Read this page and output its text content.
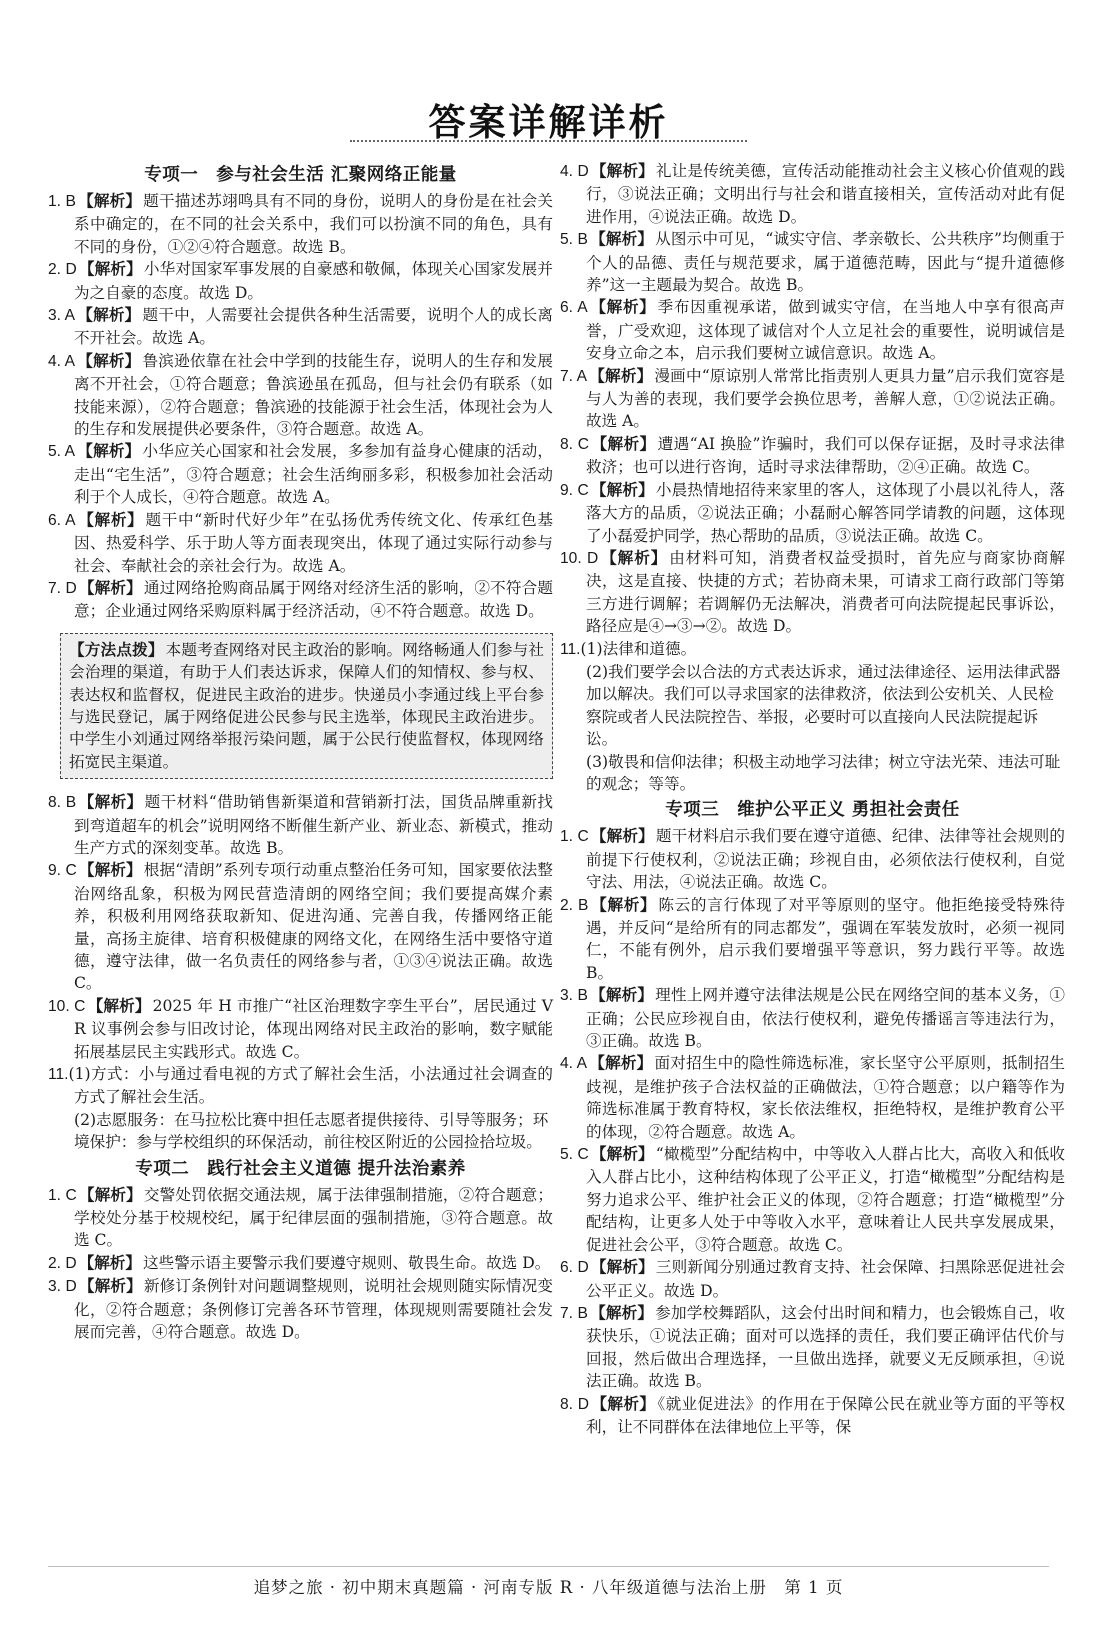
答案详解详析
专项一　参与社会生活 汇聚网络正能量
1. B 【解析】 题干描述苏翊鸣具有不同的身份，说明人的身份是在社会关系中确定的，在不同的社会关系中，我们可以扮演不同的角色，具有不同的身份，①②④符合题意。故选 B。
2. D 【解析】 小华对国家军事发展的自豪感和敬佩，体现关心国家发展并为之自豪的态度。故选 D。
3. A 【解析】 题干中，人需要社会提供各种生活需要，说明个人的成长离不开社会。故选 A。
4. A 【解析】 鲁滨逊依靠在社会中学到的技能生存，说明人的生存和发展离不开社会，①符合题意；鲁滨逊虽在孤岛，但与社会仍有联系（如技能来源），②符合题意；鲁滨逊的技能源于社会生活，体现社会为人的生存和发展提供必要条件，③符合题意。故选 A。
5. A 【解析】 小华应关心国家和社会发展，多参加有益身心健康的活动，走出“宅生活”，③符合题意；社会生活绚丽多彩，积极参加社会活动利于个人成长，④符合题意。故选 A。
6. A 【解析】 题干中“新时代好少年”在弘扬优秀传统文化、传承红色基因、热爱科学、乐于助人等方面表现突出，体现了通过实际行动参与社会、奉献社会的亲社会行为。故选 A。
7. D 【解析】 通过网络抢购商品属于网络对经济生活的影响，②不符合题意；企业通过网络采购原料属于经济活动，④不符合题意。故选 D。
【方法点拨】 本题考查网络对民主政治的影响。网络畅通人们参与社会治理的渠道，有助于人们表达诉求，保障人们的知情权、参与权、表达权和监督权，促进民主政治的进步。快递员小李通过线上平台参与选民登记，属于网络促进公民参与民主选举，体现民主政治进步。中学生小刘通过网络举报污染问题，属于公民行使监督权，体现网络拓宽民主渠道。
8. B 【解析】 题干材料“借助销售新渠道和营销新打法，国货品牌重新找到弯道超车的机会”说明网络不断催生新产业、新业态、新模式，推动生产方式的深刻变革。故选 B。
9. C 【解析】 根据“清朗”系列专项行动重点整治任务可知，国家要依法整治网络乱象，积极为网民营造清朗的网络空间；我们要提高媒介素养，积极利用网络获取新知、促进沟通、完善自我，传播网络正能量，高扬主旋律、培育积极健康的网络文化，在网络生活中要恪守道德，遵守法律，做一名负责任的网络参与者，①③④说法正确。故选 C。
10. C 【解析】 2025 年 H 市推广“社区治理数字孪生平台”，居民通过 VR 议事例会参与旧改讨论，体现出网络对民主政治的影响，数字赋能拓展基层民主实践形式。故选 C。
11.(1)方式：小与通过看电视的方式了解社会生活，小法通过社会调查的方式了解社会生活。
(2)志愿服务：在马拉松比赛中担任志愿者提供接待、引导等服务；环境保护：参与学校组织的环保活动，前往校区附近的公园捡拾垃圾。
专项二　践行社会主义道德 提升法治素养
1. C 【解析】 交警处罚依据交通法规，属于法律强制措施，②符合题意；学校处分基于校规校纪，属于纪律层面的强制措施，③符合题意。故选 C。
2. D 【解析】 这些警示语主要警示我们要遵守规则、敬畏生命。故选 D。
3. D 【解析】 新修订条例针对问题调整规则，说明社会规则随实际情况变化，②符合题意；条例修订完善各环节管理，体现规则需要随社会发展而完善，④符合题意。故选 D。
4. D 【解析】 礼让是传统美德，宣传活动能推动社会主义核心价值观的践行，③说法正确；文明出行与社会和谐直接相关，宣传活动对此有促进作用，④说法正确。故选 D。
5. B 【解析】 从图示中可见，“诚实守信、孝亲敬长、公共秩序”均侧重于个人的品德、责任与规范要求，属于道德范畴，因此与“提升道德修养”这一主题最为契合。故选 B。
6. A 【解析】 季布因重视承诺，做到诚实守信，在当地人中享有很高声誉，广受欢迎，这体现了诚信对个人立足社会的重要性，说明诚信是安身立命之本，启示我们要树立诚信意识。故选 A。
7. A 【解析】 漫画中“原谅别人常常比指责别人更具力量”启示我们宽容是与人为善的表现，我们要学会换位思考，善解人意，①②说法正确。故选 A。
8. C 【解析】 遭遇“AI 换脸”诈骗时，我们可以保存证据，及时寻求法律救济；也可以进行咨询，适时寻求法律帮助，②④正确。故选 C。
9. C 【解析】 小晨热情地招待来家里的客人，这体现了小晨以礼待人，落落大方的品质，②说法正确；小磊耐心解答同学请教的问题，这体现了小磊爱护同学，热心帮助的品质，③说法正确。故选 C。
10. D 【解析】 由材料可知，消费者权益受损时，首先应与商家协商解决，这是直接、快捷的方式；若协商未果，可请求工商行政部门等第三方进行调解；若调解仍无法解决，消费者可向法院提起民事诉讼，路径应是④→③→②。故选 D。
11.(1)法律和道德。
(2)我们要学会以合法的方式表达诉求，通过法律途径、运用法律武器加以解决。我们可以寻求国家的法律救济，依法到公安机关、人民检察院或者人民法院控告、举报，必要时可以直接向人民法院提起诉讼。
(3)敬畏和信仰法律；积极主动地学习法律；树立守法光荣、违法可耻的观念；等等。
专项三　维护公平正义 勇担社会责任
1. C 【解析】 题干材料启示我们要在遵守道德、纪律、法律等社会规则的前提下行使权利，②说法正确；珍视自由，必须依法行使权利，自觉守法、用法，④说法正确。故选 C。
2. B 【解析】 陈云的言行体现了对平等原则的坚守。他拒绝接受特殊待遇，并反问“是给所有的同志都发”，强调在军装发放时，必须一视同仁，不能有例外，启示我们要增强平等意识，努力践行平等。故选 B。
3. B 【解析】 理性上网并遵守法律法规是公民在网络空间的基本义务，①正确；公民应珍视自由，依法行使权利，避免传播谣言等违法行为，③正确。故选 B。
4. A 【解析】 面对招生中的隐性筛选标准，家长坚守公平原则，抵制招生歧视，是维护孩子合法权益的正确做法，①符合题意；以户籍等作为筛选标准属于教育特权，家长依法维权，拒绝特权，是维护教育公平的体现，②符合题意。故选 A。
5. C 【解析】 “橄榄型”分配结构中，中等收入人群占比大，高收入和低收入人群占比小，这种结构体现了公平正义，打造“橄榄型”分配结构是努力追求公平、维护社会正义的体现，②符合题意；打造“橄榄型”分配结构，让更多人处于中等收入水平，意味着让人民共享发展成果，促进社会公平，③符合题意。故选 C。
6. D 【解析】 三则新闻分别通过教育支持、社会保障、扫黑除恶促进社会公平正义。故选 D。
7. B 【解析】 参加学校舞蹈队，这会付出时间和精力，也会锻炼自己，收获快乐，①说法正确；面对可以选择的责任，我们要正确评估代价与回报，然后做出合理选择，一旦做出选择，就要义无反顾承担，④说法正确。故选 B。
8. D 【解析】 《就业促进法》的作用在于保障公民在就业等方面的平等权利，让不同群体在法律地位上平等，保
追梦之旅 · 初中期末真题篇 · 河南专版 R · 八年级道德与法治上册　第 1 页
